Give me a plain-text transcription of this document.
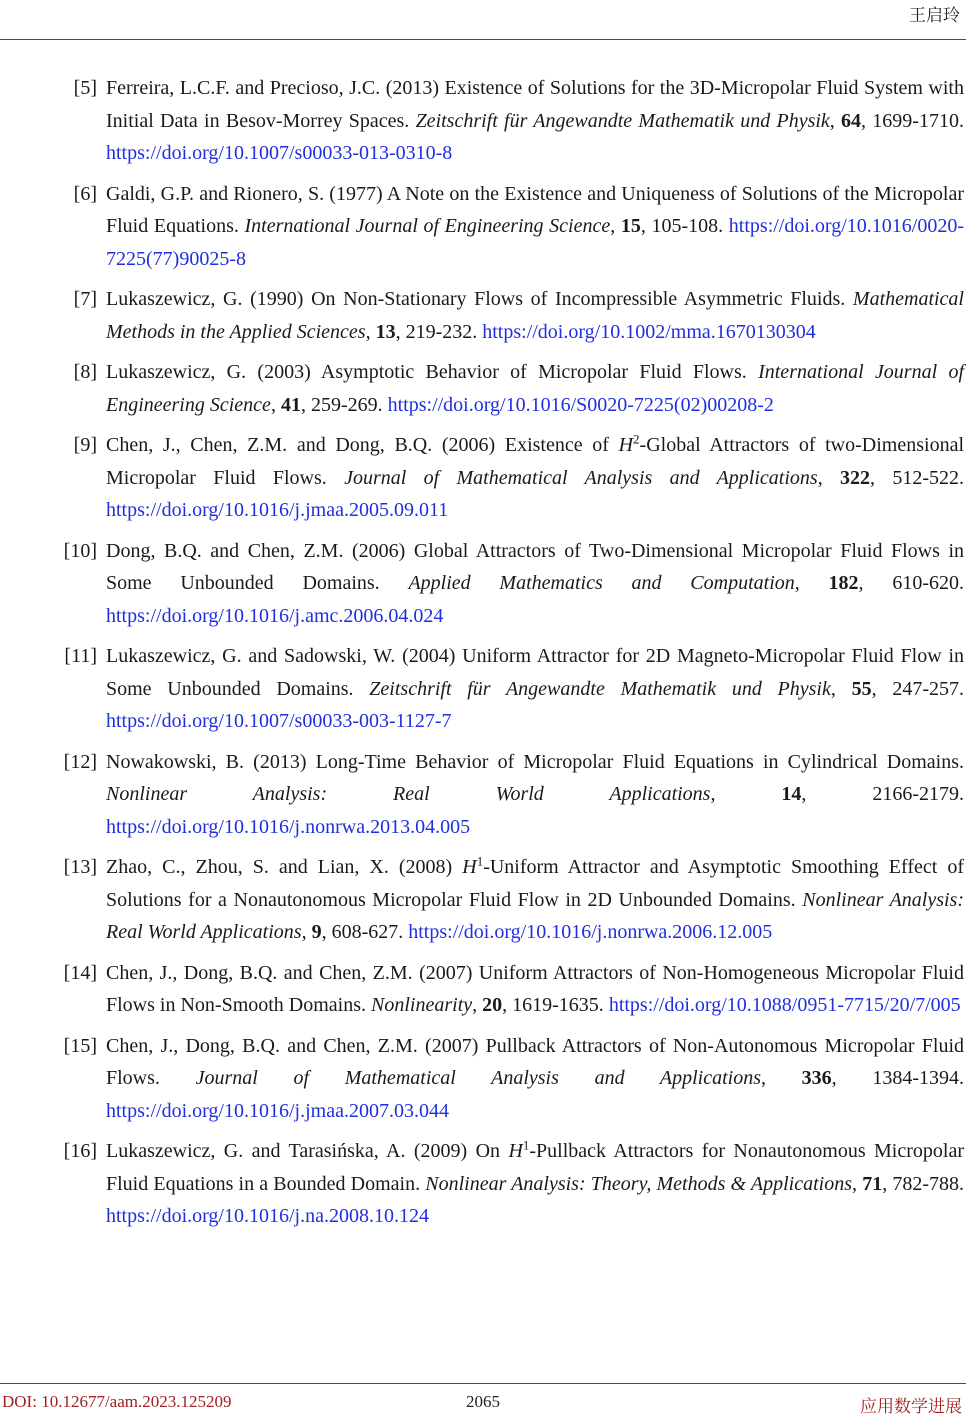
王启玲
[5] Ferreira, L.C.F. and Precioso, J.C. (2013) Existence of Solutions for the 3D-Micropolar Fluid System with Initial Data in Besov-Morrey Spaces. Zeitschrift für Angewandte Mathematik und Physik, 64, 1699-1710. https://doi.org/10.1007/s00033-013-0310-8
[6] Galdi, G.P. and Rionero, S. (1977) A Note on the Existence and Uniqueness of Solutions of the Micropolar Fluid Equations. International Journal of Engineering Science, 15, 105-108. https://doi.org/10.1016/0020-7225(77)90025-8
[7] Lukaszewicz, G. (1990) On Non-Stationary Flows of Incompressible Asymmetric Fluids. Mathematical Methods in the Applied Sciences, 13, 219-232. https://doi.org/10.1002/mma.1670130304
[8] Lukaszewicz, G. (2003) Asymptotic Behavior of Micropolar Fluid Flows. International Journal of Engineering Science, 41, 259-269. https://doi.org/10.1016/S0020-7225(02)00208-2
[9] Chen, J., Chen, Z.M. and Dong, B.Q. (2006) Existence of $H^2$-Global Attractors of two-Dimensional Micropolar Fluid Flows. Journal of Mathematical Analysis and Applications, 322, 512-522. https://doi.org/10.1016/j.jmaa.2005.09.011
[10] Dong, B.Q. and Chen, Z.M. (2006) Global Attractors of Two-Dimensional Micropolar Fluid Flows in Some Unbounded Domains. Applied Mathematics and Computation, 182, 610-620. https://doi.org/10.1016/j.amc.2006.04.024
[11] Lukaszewicz, G. and Sadowski, W. (2004) Uniform Attractor for 2D Magneto-Micropolar Fluid Flow in Some Unbounded Domains. Zeitschrift für Angewandte Mathematik und Physik, 55, 247-257. https://doi.org/10.1007/s00033-003-1127-7
[12] Nowakowski, B. (2013) Long-Time Behavior of Micropolar Fluid Equations in Cylindrical Domains. Nonlinear Analysis: Real World Applications, 14, 2166-2179. https://doi.org/10.1016/j.nonrwa.2013.04.005
[13] Zhao, C., Zhou, S. and Lian, X. (2008) $H^1$-Uniform Attractor and Asymptotic Smoothing Effect of Solutions for a Nonautonomous Micropolar Fluid Flow in 2D Unbounded Domains. Nonlinear Analysis: Real World Applications, 9, 608-627. https://doi.org/10.1016/j.nonrwa.2006.12.005
[14] Chen, J., Dong, B.Q. and Chen, Z.M. (2007) Uniform Attractors of Non-Homogeneous Micropolar Fluid Flows in Non-Smooth Domains. Nonlinearity, 20, 1619-1635. https://doi.org/10.1088/0951-7715/20/7/005
[15] Chen, J., Dong, B.Q. and Chen, Z.M. (2007) Pullback Attractors of Non-Autonomous Micropolar Fluid Flows. Journal of Mathematical Analysis and Applications, 336, 1384-1394. https://doi.org/10.1016/j.jmaa.2007.03.044
[16] Lukaszewicz, G. and Tarasińska, A. (2009) On $H^1$-Pullback Attractors for Nonautonomous Micropolar Fluid Equations in a Bounded Domain. Nonlinear Analysis: Theory, Methods & Applications, 71, 782-788. https://doi.org/10.1016/j.na.2008.10.124
DOI: 10.12677/aam.2023.125209	2065	应用数学进展
